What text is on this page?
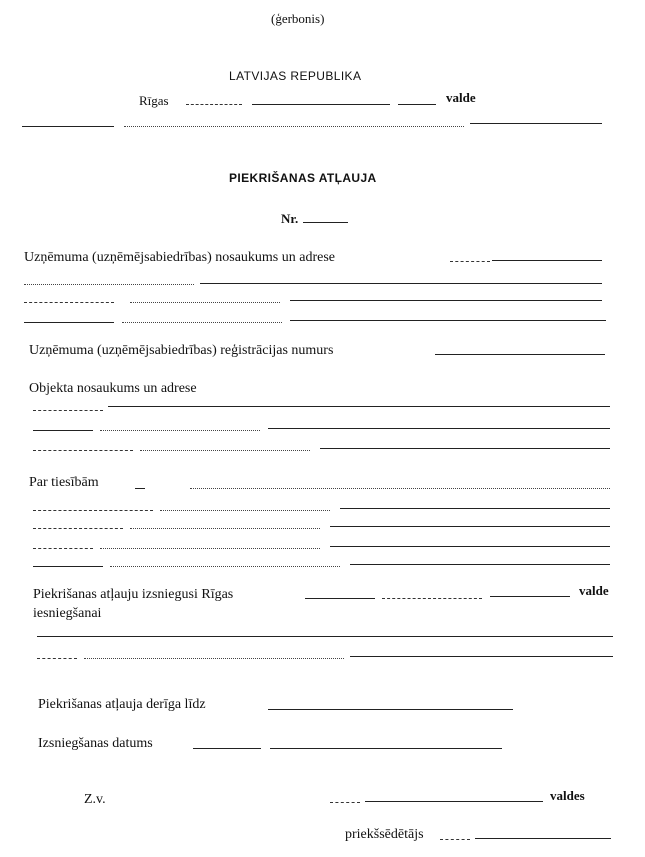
(ģerbonis)
LATVIJAS REPUBLIKA
Rīgas	valde
PIEKRIŠANAS ATĻAUJA
Nr.
Uzņēmuma (uzņēmējsabiedrības) nosaukums un adrese
Uzņēmuma (uzņēmējsabiedrības) reģistrācijas numurs
Objekta nosaukums un adrese
Par tiesībām
Piekrišanas atļauju izsniegusi Rīgas	valde
iesniegšanai
Piekrišanas atļauja derīga līdz
Izsniegšanas datums
Z.v.	valdes
priekšsēdētājs
